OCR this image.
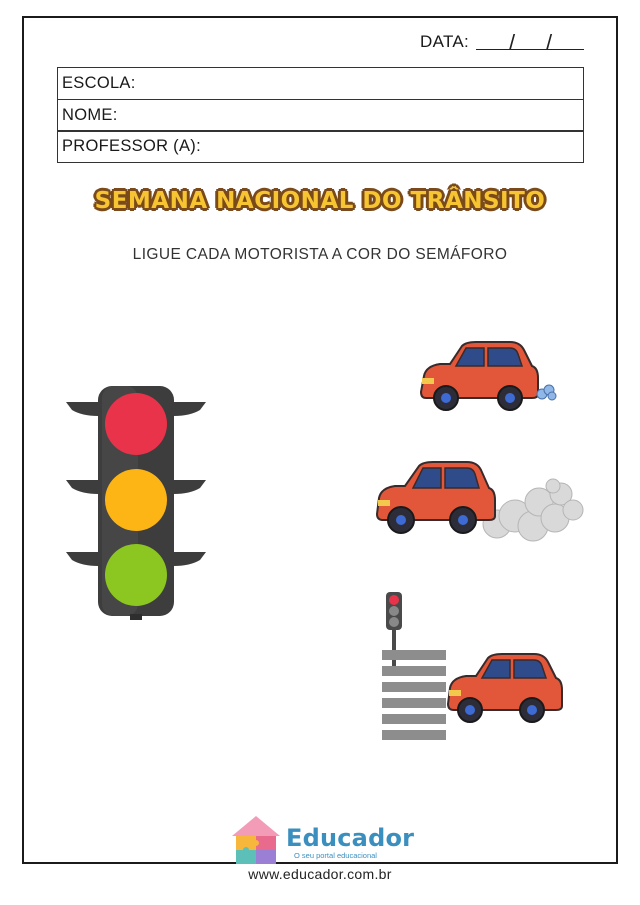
DATA: / /
ESCOLA:
NOME:
PROFESSOR (A):
SEMANA NACIONAL DO TRÂNSITO
LIGUE CADA MOTORISTA A COR DO SEMÁFORO
Educador
O seu portal educacional
www.educador.com.br
